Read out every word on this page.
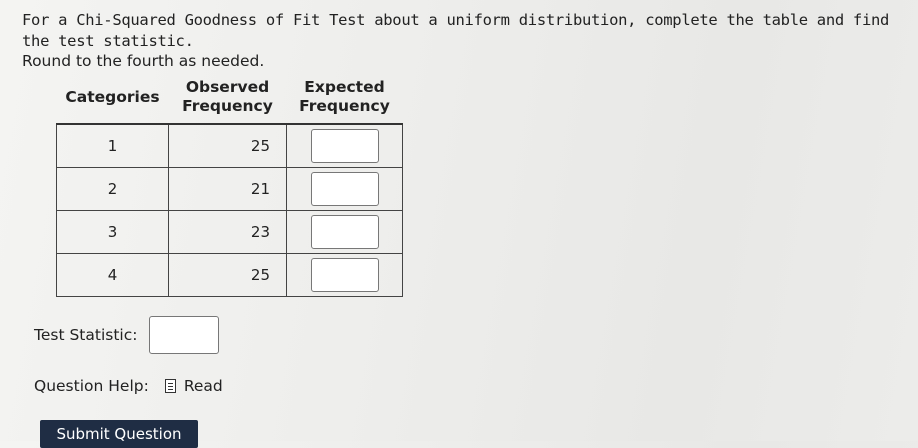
For a Chi-Squared Goodness of Fit Test about a uniform distribution, complete the table and find the test statistic.

Round to the fourth as needed.
Categories	Observed Frequency	Expected Frequency
1	25	
2	21	
3	23	
4	25	
Test Statistic:
Question Help: Read
Submit Question
